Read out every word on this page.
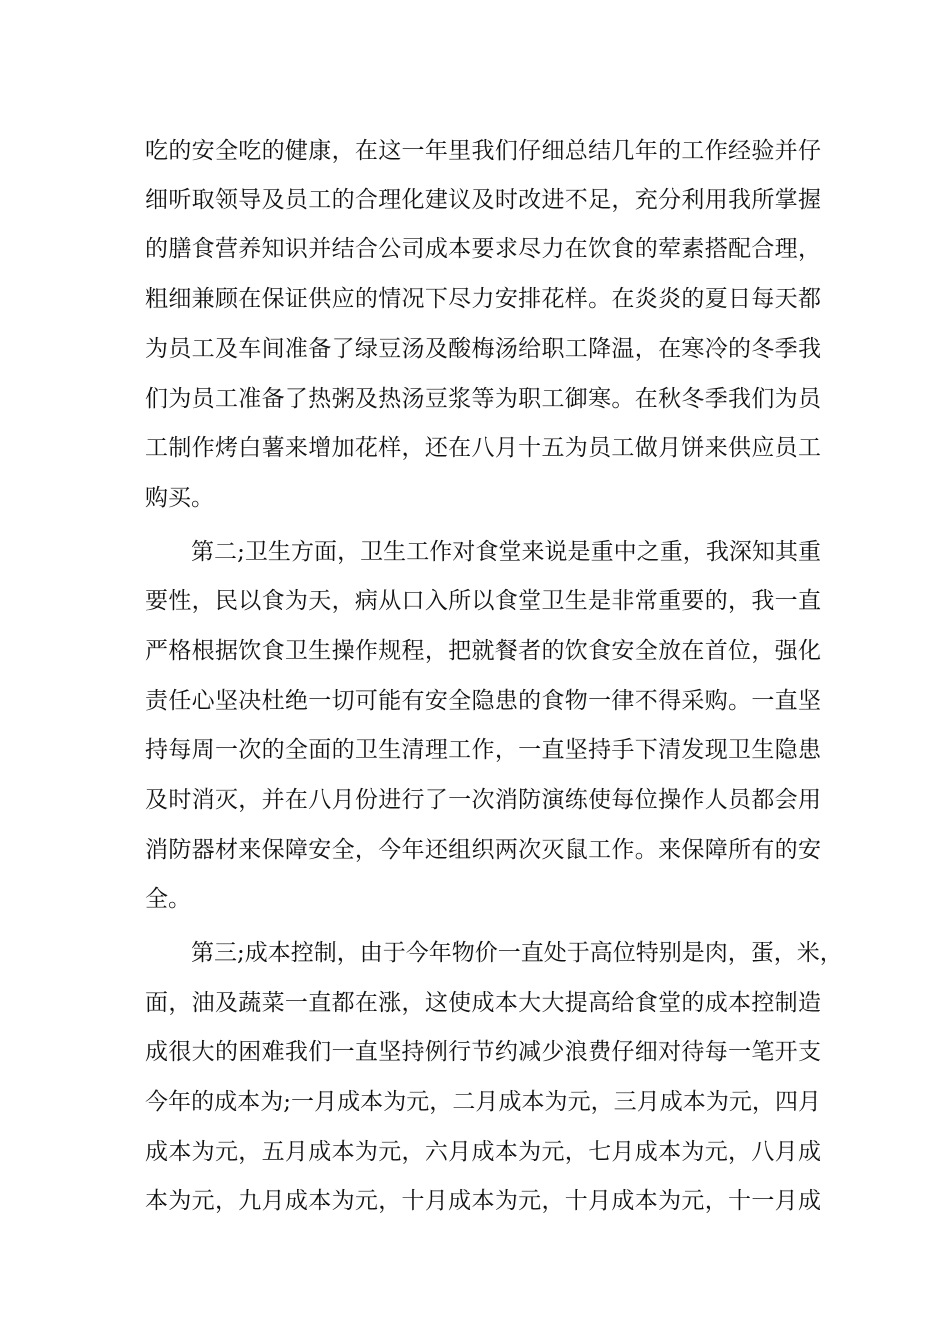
吃的安全吃的健康，在这一年里我们仔细总结几年的工作经验并仔
细听取领导及员工的合理化建议及时改进不足，充分利用我所掌握
的膳食营养知识并结合公司成本要求尽力在饮食的荤素搭配合理，
粗细兼顾在保证供应的情况下尽力安排花样。在炎炎的夏日每天都
为员工及车间准备了绿豆汤及酸梅汤给职工降温，在寒冷的冬季我
们为员工准备了热粥及热汤豆浆等为职工御寒。在秋冬季我们为员
工制作烤白薯来增加花样，还在八月十五为员工做月饼来供应员工
购买。
第二;卫生方面，卫生工作对食堂来说是重中之重，我深知其重
要性，民以食为天，病从口入所以食堂卫生是非常重要的，我一直
严格根据饮食卫生操作规程，把就餐者的饮食安全放在首位，强化
责任心坚决杜绝一切可能有安全隐患的食物一律不得采购。一直坚
持每周一次的全面的卫生清理工作，一直坚持手下清发现卫生隐患
及时消灭，并在八月份进行了一次消防演练使每位操作人员都会用
消防器材来保障安全，今年还组织两次灭鼠工作。来保障所有的安
全。
第三;成本控制，由于今年物价一直处于高位特别是肉，蛋，米，
面，油及蔬菜一直都在涨，这使成本大大提高给食堂的成本控制造
成很大的困难我们一直坚持例行节约减少浪费仔细对待每一笔开支
今年的成本为;一月成本为元，二月成本为元，三月成本为元，四月
成本为元，五月成本为元，六月成本为元，七月成本为元，八月成
本为元，九月成本为元，十月成本为元，十月成本为元，十一月成
